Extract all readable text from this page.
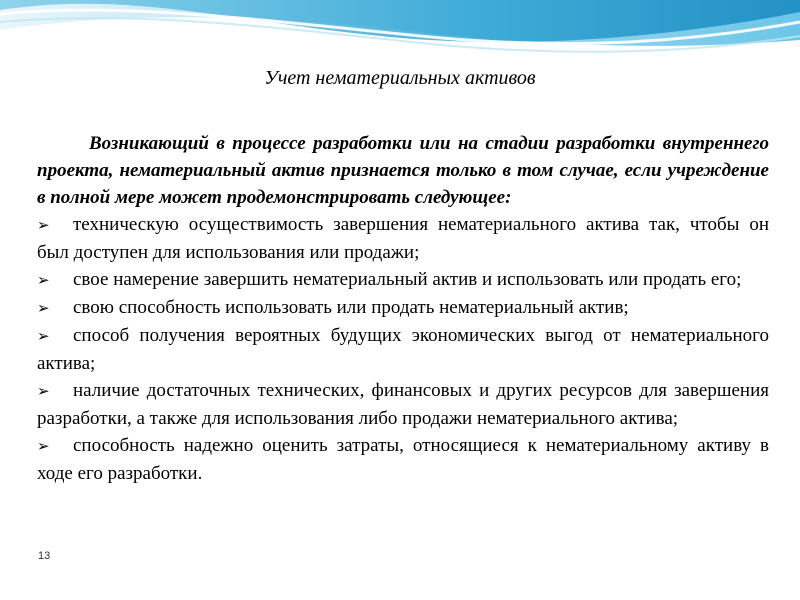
Учет нематериальных активов

Возникающий в процессе разработки или на стадии разработки внутреннего проекта, нематериальный актив признается только в том случае, если учреждение в полной мере может продемонстрировать следующее:

➢ техническую осуществимость завершения нематериального актива так, чтобы он был доступен для использования или продажи;

➢ свое намерение завершить нематериальный актив и использовать или продать его;

➢ свою способность использовать или продать нематериальный актив;

➢ способ получения вероятных будущих экономических выгод от нематериального актива;

➢ наличие достаточных технических, финансовых и других ресурсов для завершения разработки, а также для использования либо продажи нематериального актива;

➢ способность надежно оценить затраты, относящиеся к нематериальному активу в ходе его разработки.

13
